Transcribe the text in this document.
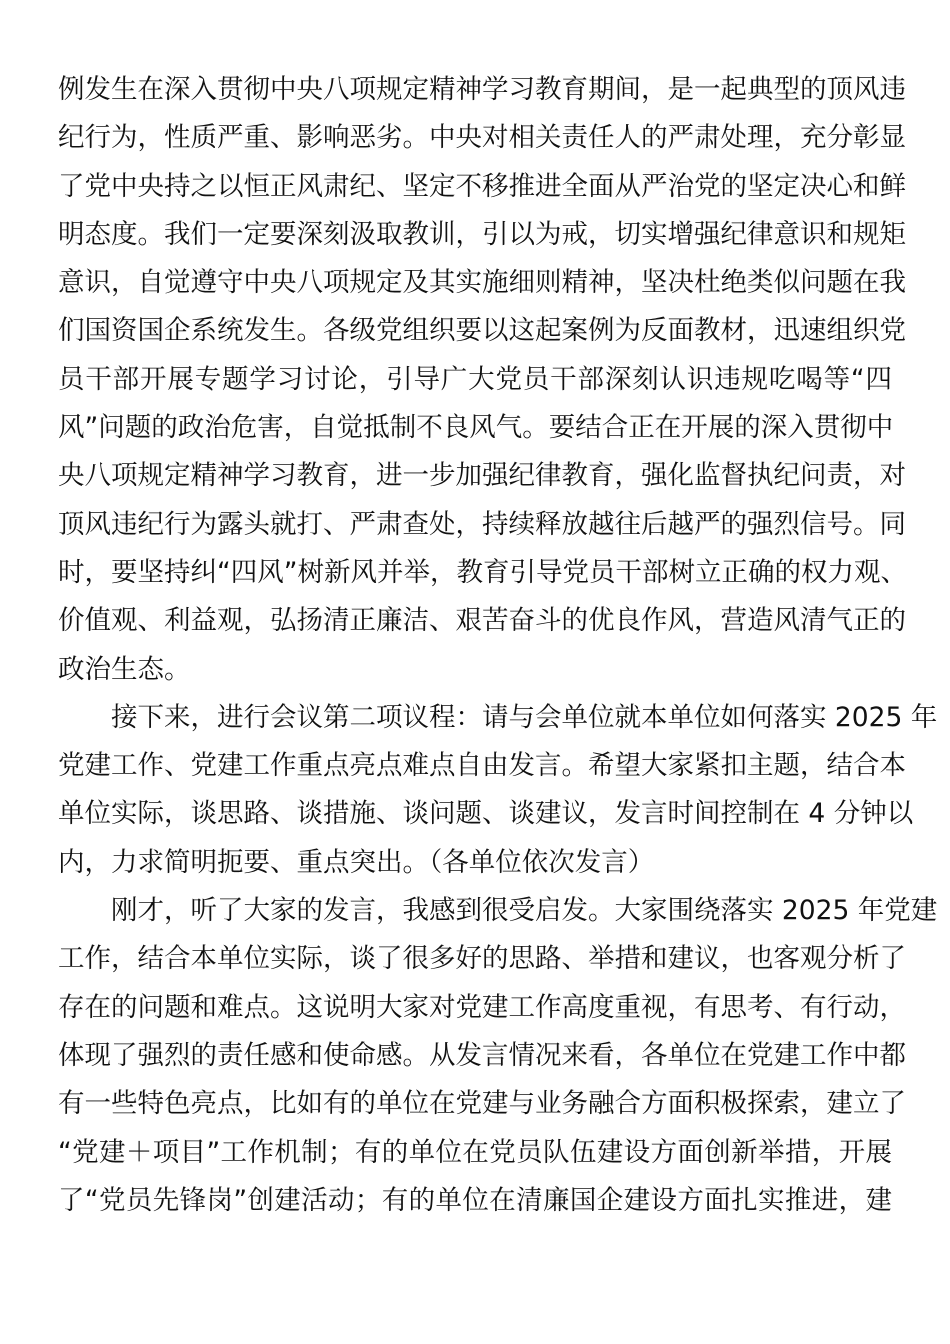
例发生在深入贯彻中央八项规定精神学习教育期间，是一起典型的顶风违
纪行为，性质严重、影响恶劣。中央对相关责任人的严肃处理，充分彰显
了党中央持之以恒正风肃纪、坚定不移推进全面从严治党的坚定决心和鲜
明态度。我们一定要深刻汲取教训，引以为戒，切实增强纪律意识和规矩
意识，自觉遵守中央八项规定及其实施细则精神，坚决杜绝类似问题在我
们国资国企系统发生。各级党组织要以这起案例为反面教材，迅速组织党
员干部开展专题学习讨论，引导广大党员干部深刻认识违规吃喝等“四
风”问题的政治危害，自觉抵制不良风气。要结合正在开展的深入贯彻中
央八项规定精神学习教育，进一步加强纪律教育，强化监督执纪问责，对
顶风违纪行为露头就打、严肃查处，持续释放越往后越严的强烈信号。同
时，要坚持纠“四风”树新风并举，教育引导党员干部树立正确的权力观、
价值观、利益观，弘扬清正廉洁、艰苦奋斗的优良作风，营造风清气正的
政治生态。
接下来，进行会议第二项议程：请与会单位就本单位如何落实 2025 年
党建工作、党建工作重点亮点难点自由发言。希望大家紧扣主题，结合本
单位实际，谈思路、谈措施、谈问题、谈建议，发言时间控制在 4 分钟以
内，力求简明扼要、重点突出。（各单位依次发言）
刚才，听了大家的发言，我感到很受启发。大家围绕落实 2025 年党建
工作，结合本单位实际，谈了很多好的思路、举措和建议，也客观分析了
存在的问题和难点。这说明大家对党建工作高度重视，有思考、有行动，
体现了强烈的责任感和使命感。从发言情况来看，各单位在党建工作中都
有一些特色亮点，比如有的单位在党建与业务融合方面积极探索，建立了
“党建＋项目”工作机制；有的单位在党员队伍建设方面创新举措，开展
了“党员先锋岗”创建活动；有的单位在清廉国企建设方面扎实推进，建
